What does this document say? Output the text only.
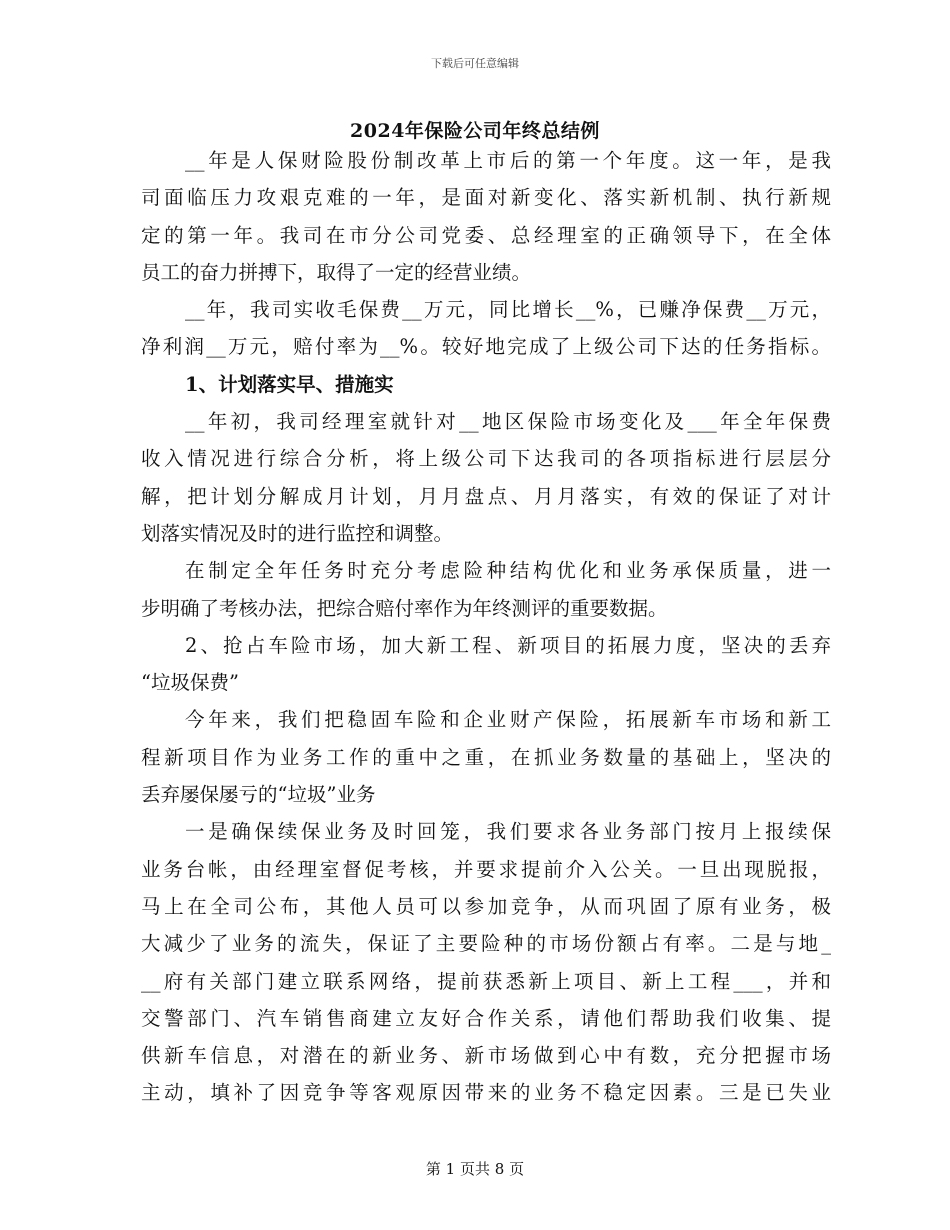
下载后可任意编辑
2024年保险公司年终总结例
__年是人保财险股份制改革上市后的第一个年度。这一年，是我
司面临压力攻艰克难的一年，是面对新变化、落实新机制、执行新规
定的第一年。我司在市分公司党委、总经理室的正确领导下，在全体
员工的奋力拼搏下，取得了一定的经营业绩。
__年，我司实收毛保费__万元，同比增长__%，已赚净保费__万元，
净利润__万元，赔付率为__%。较好地完成了上级公司下达的任务指标。
1、计划落实早、措施实
__年初，我司经理室就针对__地区保险市场变化及___年全年保费
收入情况进行综合分析，将上级公司下达我司的各项指标进行层层分
解，把计划分解成月计划，月月盘点、月月落实，有效的保证了对计
划落实情况及时的进行监控和调整。
在制定全年任务时充分考虑险种结构优化和业务承保质量，进一
步明确了考核办法，把综合赔付率作为年终测评的重要数据。
2、抢占车险市场，加大新工程、新项目的拓展力度，坚决的丢弃
“垃圾保费”
今年来，我们把稳固车险和企业财产保险，拓展新车市场和新工
程新项目作为业务工作的重中之重，在抓业务数量的基础上，坚决的
丢弃屡保屡亏的“垃圾”业务
一是确保续保业务及时回笼，我们要求各业务部门按月上报续保
业务台帐，由经理室督促考核，并要求提前介入公关。一旦出现脱报，
马上在全司公布，其他人员可以参加竞争，从而巩固了原有业务，极
大减少了业务的流失，保证了主要险种的市场份额占有率。二是与地_
__府有关部门建立联系网络，提前获悉新上项目、新上工程___，并和
交警部门、汽车销售商建立友好合作关系，请他们帮助我们收集、提
供新车信息，对潜在的新业务、新市场做到心中有数，充分把握市场
主动，填补了因竞争等客观原因带来的业务不稳定因素。三是已失业
第 1 页共 8 页
